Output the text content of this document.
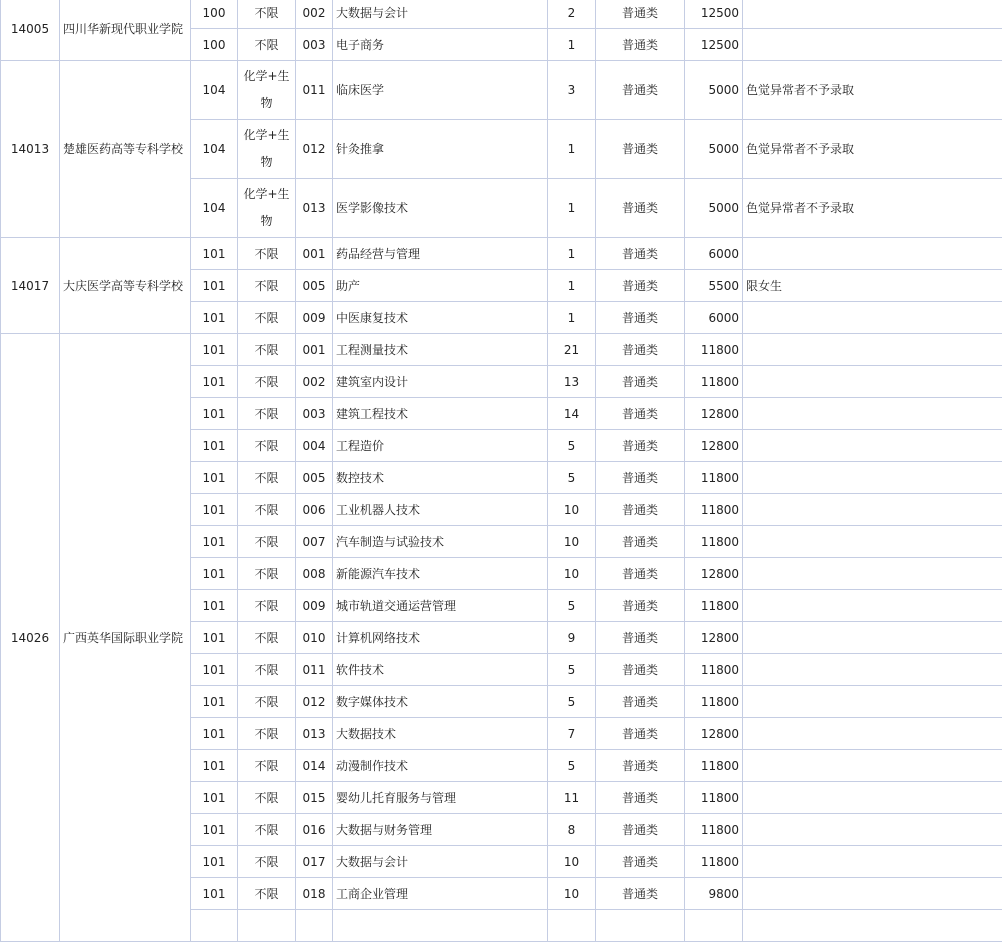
14005	四川华新现代职业学院	100	不限	002	大数据与会计	2	普通类	12500	
		100	不限	003	电子商务	1	普通类	12500	
14013	楚雄医药高等专科学校	104	化学+生物	011	临床医学	3	普通类	5000	色觉异常者不予录取
		104	化学+生物	012	针灸推拿	1	普通类	5000	色觉异常者不予录取
		104	化学+生物	013	医学影像技术	1	普通类	5000	色觉异常者不予录取
14017	大庆医学高等专科学校	101	不限	001	药品经营与管理	1	普通类	6000	
		101	不限	005	助产	1	普通类	5500	限女生
		101	不限	009	中医康复技术	1	普通类	6000	
14026	广西英华国际职业学院	101	不限	001	工程测量技术	21	普通类	11800	
		101	不限	002	建筑室内设计	13	普通类	11800	
		101	不限	003	建筑工程技术	14	普通类	12800	
		101	不限	004	工程造价	5	普通类	12800	
		101	不限	005	数控技术	5	普通类	11800	
		101	不限	006	工业机器人技术	10	普通类	11800	
		101	不限	007	汽车制造与试验技术	10	普通类	11800	
		101	不限	008	新能源汽车技术	10	普通类	12800	
		101	不限	009	城市轨道交通运营管理	5	普通类	11800	
		101	不限	010	计算机网络技术	9	普通类	12800	
		101	不限	011	软件技术	5	普通类	11800	
		101	不限	012	数字媒体技术	5	普通类	11800	
		101	不限	013	大数据技术	7	普通类	12800	
		101	不限	014	动漫制作技术	5	普通类	11800	
		101	不限	015	婴幼儿托育服务与管理	11	普通类	11800	
		101	不限	016	大数据与财务管理	8	普通类	11800	
		101	不限	017	大数据与会计	10	普通类	11800	
		101	不限	018	工商企业管理	10	普通类	9800	
